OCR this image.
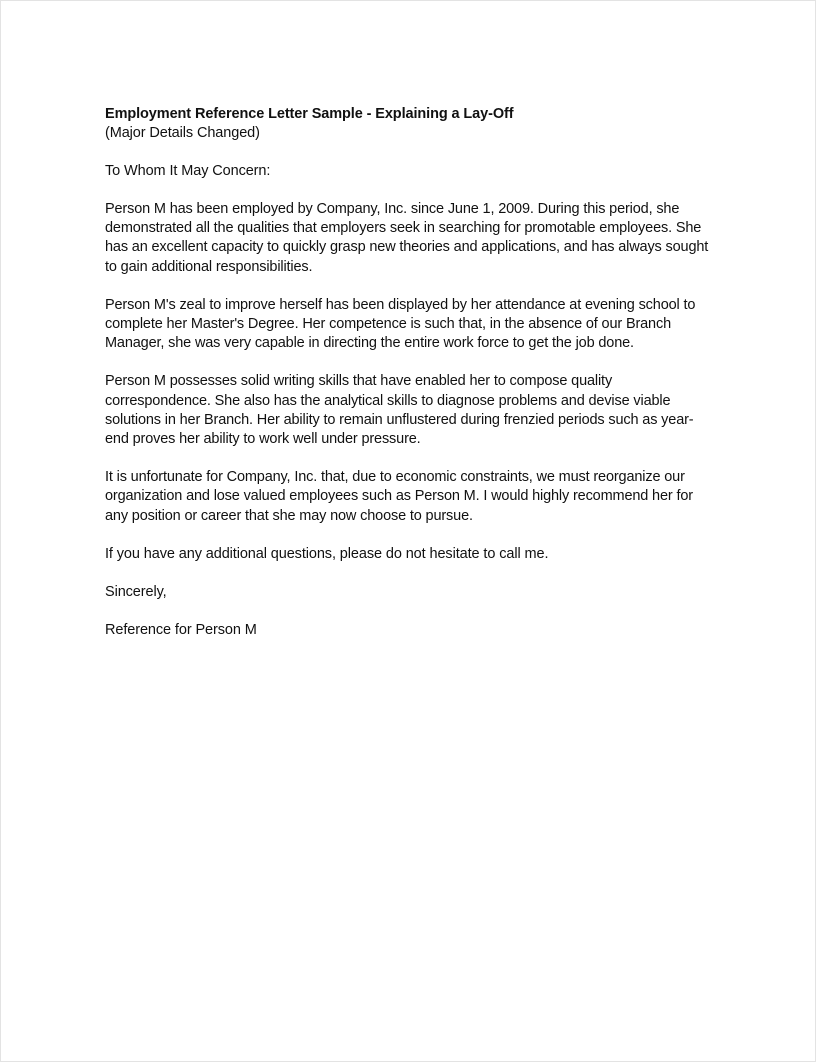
Employment Reference Letter Sample - Explaining a Lay-Off

(Major Details Changed)

To Whom It May Concern:

Person M has been employed by Company, Inc. since June 1, 2009. During this period, she demonstrated all the qualities that employers seek in searching for promotable employees. She has an excellent capacity to quickly grasp new theories and applications, and has always sought to gain additional responsibilities.

Person M's zeal to improve herself has been displayed by her attendance at evening school to complete her Master's Degree. Her competence is such that, in the absence of our Branch Manager, she was very capable in directing the entire work force to get the job done.

Person M possesses solid writing skills that have enabled her to compose quality correspondence. She also has the analytical skills to diagnose problems and devise viable solutions in her Branch. Her ability to remain unflustered during frenzied periods such as year-end proves her ability to work well under pressure.

It is unfortunate for Company, Inc. that, due to economic constraints, we must reorganize our organization and lose valued employees such as Person M. I would highly recommend her for any position or career that she may now choose to pursue.

If you have any additional questions, please do not hesitate to call me.

Sincerely,

Reference for Person M
